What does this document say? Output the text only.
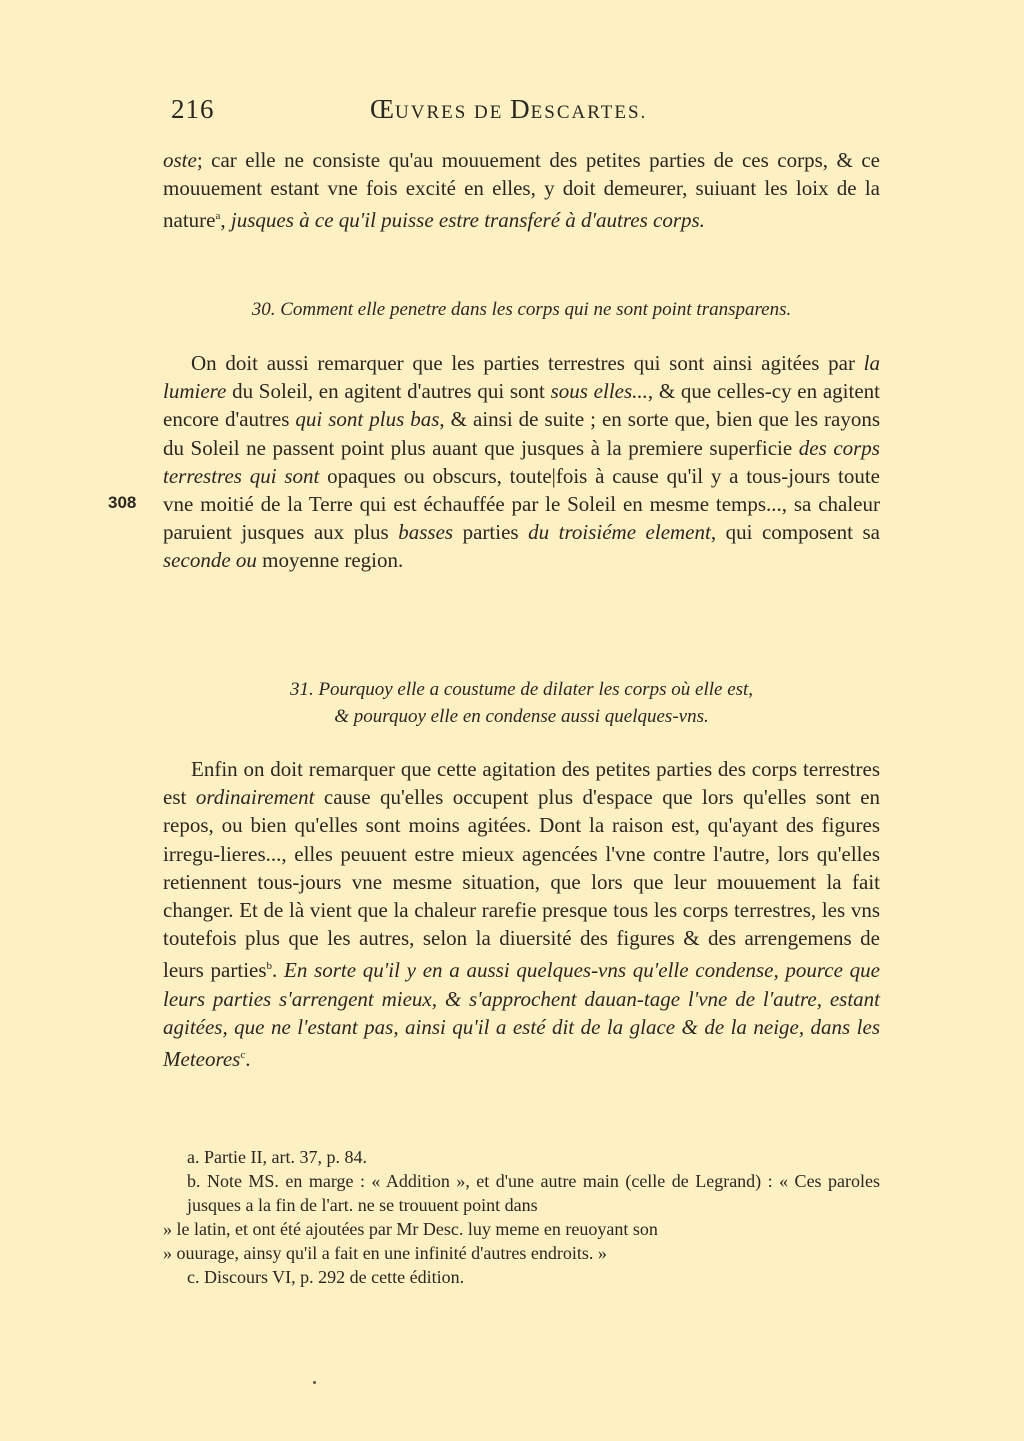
216	ŒUVRES DE DESCARTES.

oste; car elle ne consiste qu'au mouuement des petites parties de ces corps, & ce mouuement estant vne fois excité en elles, y doit demeurer, suiuant les loix de la nature$^a$, jusques à ce qu'il puisse estre transferé à d'autres corps.

30. Comment elle penetre dans les corps qui ne sont point transparens.

On doit aussi remarquer que les parties terrestres qui sont ainsi agitées par la lumiere du Soleil, en agitent d'autres qui sont sous elles..., & que celles-cy en agitent encore d'autres qui sont plus bas, & ainsi de suite ; en sorte que, bien que les rayons du Soleil ne passent point plus auant que jusques à la premiere superficie des corps terrestres qui sont opaques ou obscurs, toute|fois à cause qu'il y a tous-jours toute vne moitié de la Terre qui est échauffée par le Soleil en mesme temps..., sa chaleur paruient jusques aux plus basses parties du troisiéme element, qui composent sa seconde ou moyenne region.

31. Pourquoy elle a coustume de dilater les corps où elle est,
& pourquoy elle en condense aussi quelques-vns.

Enfin on doit remarquer que cette agitation des petites parties des corps terrestres est ordinairement cause qu'elles occupent plus d'espace que lors qu'elles sont en repos, ou bien qu'elles sont moins agitées. Dont la raison est, qu'ayant des figures irregu-lieres..., elles peuuent estre mieux agencées l'vne contre l'autre, lors qu'elles retiennent tous-jours vne mesme situation, que lors que leur mouuement la fait changer. Et de là vient que la chaleur rarefie presque tous les corps terrestres, les vns toutefois plus que les autres, selon la diuersité des figures & des arrengemens de leurs parties$^b$. En sorte qu'il y en a aussi quelques-vns qu'elle condense, pource que leurs parties s'arrengent mieux, & s'approchent dauan-tage l'vne de l'autre, estant agitées, que ne l'estant pas, ainsi qu'il a esté dit de la glace & de la neige, dans les Meteores$^c$.

a. Partie II, art. 37, p. 84.

b. Note MS. en marge : « Addition », et d'une autre main (celle de Legrand) : « Ces paroles jusques a la fin de l'art. ne se trouuent point dans

» le latin, et ont été ajoutées par Mr Desc. luy meme en reuoyant son

» ouurage, ainsy qu'il a fait en une infinité d'autres endroits. »

c. Discours VI, p. 292 de cette édition.

308
